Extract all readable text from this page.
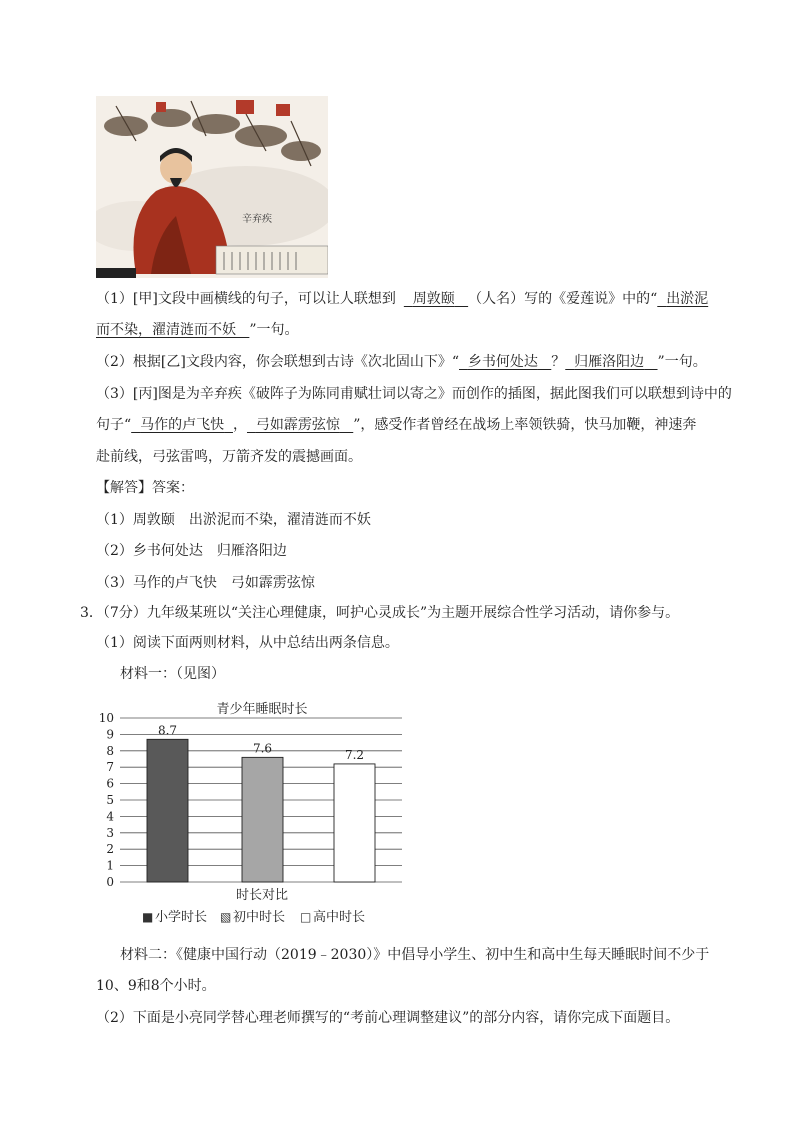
辛弃疾
（1）[甲]文段中画横线的句子，可以让人联想到 周敦颐 （人名）写的《爱莲说》中的“ 出淤泥
而不染，濯清涟而不妖 ”一句。
（2）根据[乙]文段内容，你会联想到古诗《次北固山下》“ 乡书何处达 ？ 归雁洛阳边 ”一句。
（3）[丙]图是为辛弃疾《破阵子为陈同甫赋壮词以寄之》而创作的插图，据此图我们可以联想到诗中的
句子“ 马作的卢飞快 ， 弓如霹雳弦惊 ”，感受作者曾经在战场上率领铁骑，快马加鞭，神速奔
赴前线，弓弦雷鸣，万箭齐发的震撼画面。
【解答】答案：
（1）周敦颐　出淤泥而不染，濯清涟而不妖
（2）乡书何处达　归雁洛阳边
（3）马作的卢飞快　弓如霹雳弦惊
3．（7分）九年级某班以“关注心理健康，呵护心灵成长”为主题开展综合性学习活动，请你参与。
（1）阅读下面两则材料，从中总结出两条信息。
材料一：（见图）
青少年睡眠时长
0
1
2
3
4
5
6
7
8
9
10
8.7
7.6	7.2
时长对比
■ 小学时长 ▧ 初中时长 □ 高中时长
材料二：《健康中国行动（2019﹣2030）》中倡导小学生、初中生和高中生每天睡眠时间不少于
10、9和8个小时。
（2）下面是小亮同学替心理老师撰写的“考前心理调整建议”的部分内容，请你完成下面题目。
